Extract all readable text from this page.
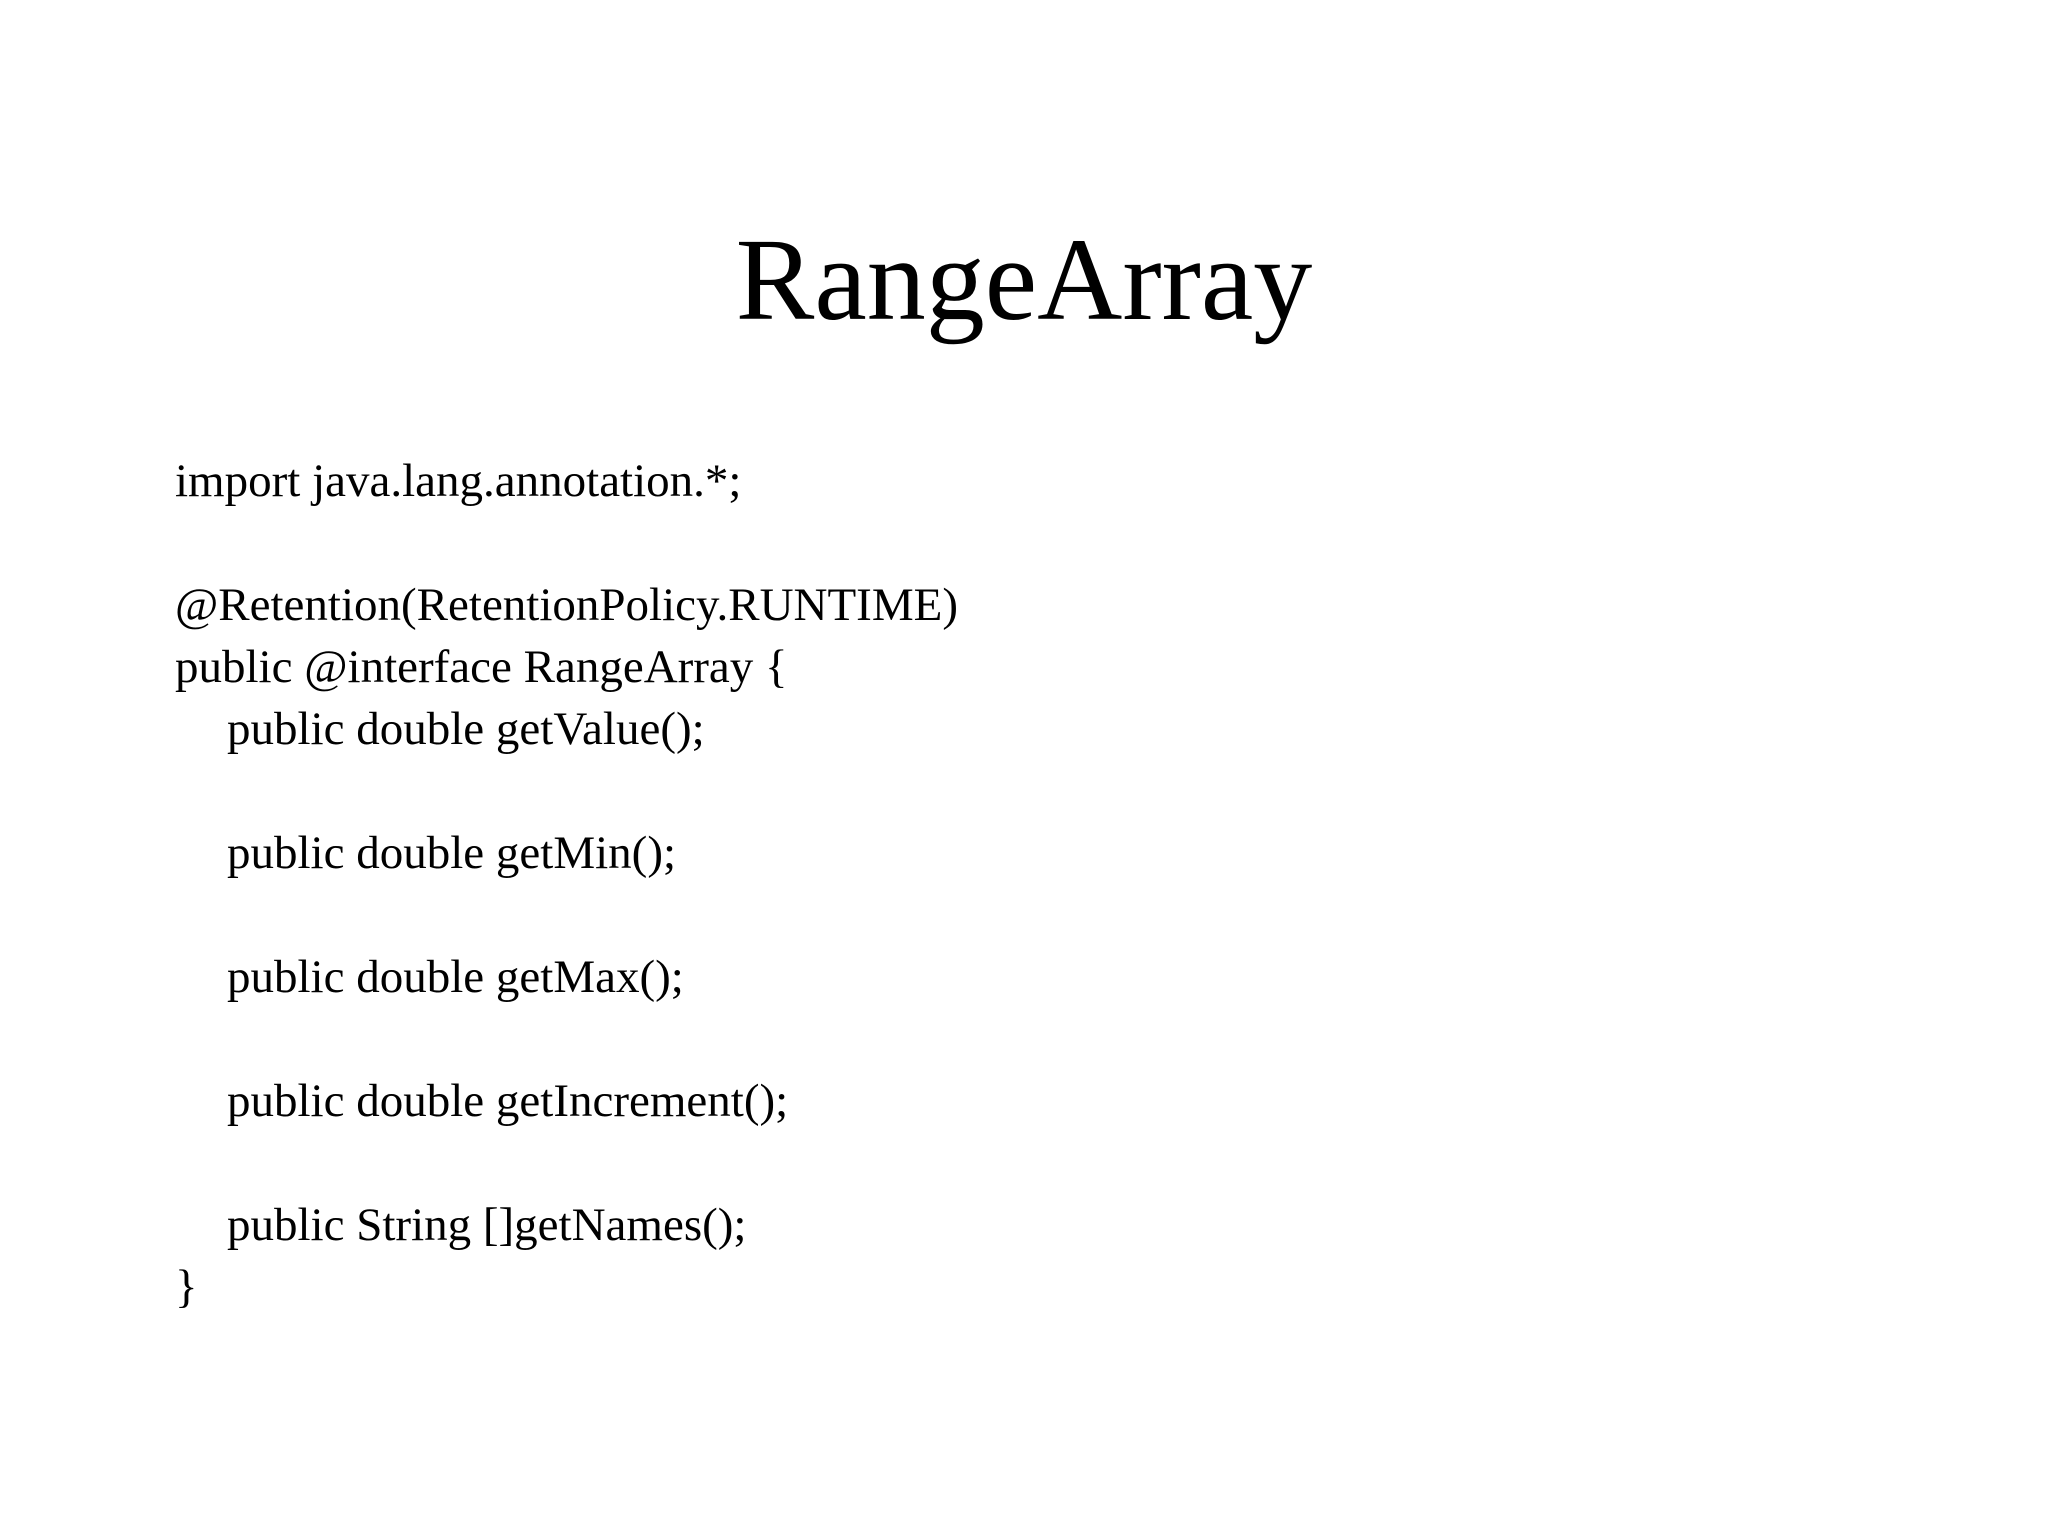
RangeArray
import java.lang.annotation.*;
@Retention(RetentionPolicy.RUNTIME)
public @interface RangeArray {
public double getValue();
public double getMin();
public double getMax();
public double getIncrement();
public String []getNames();
}
